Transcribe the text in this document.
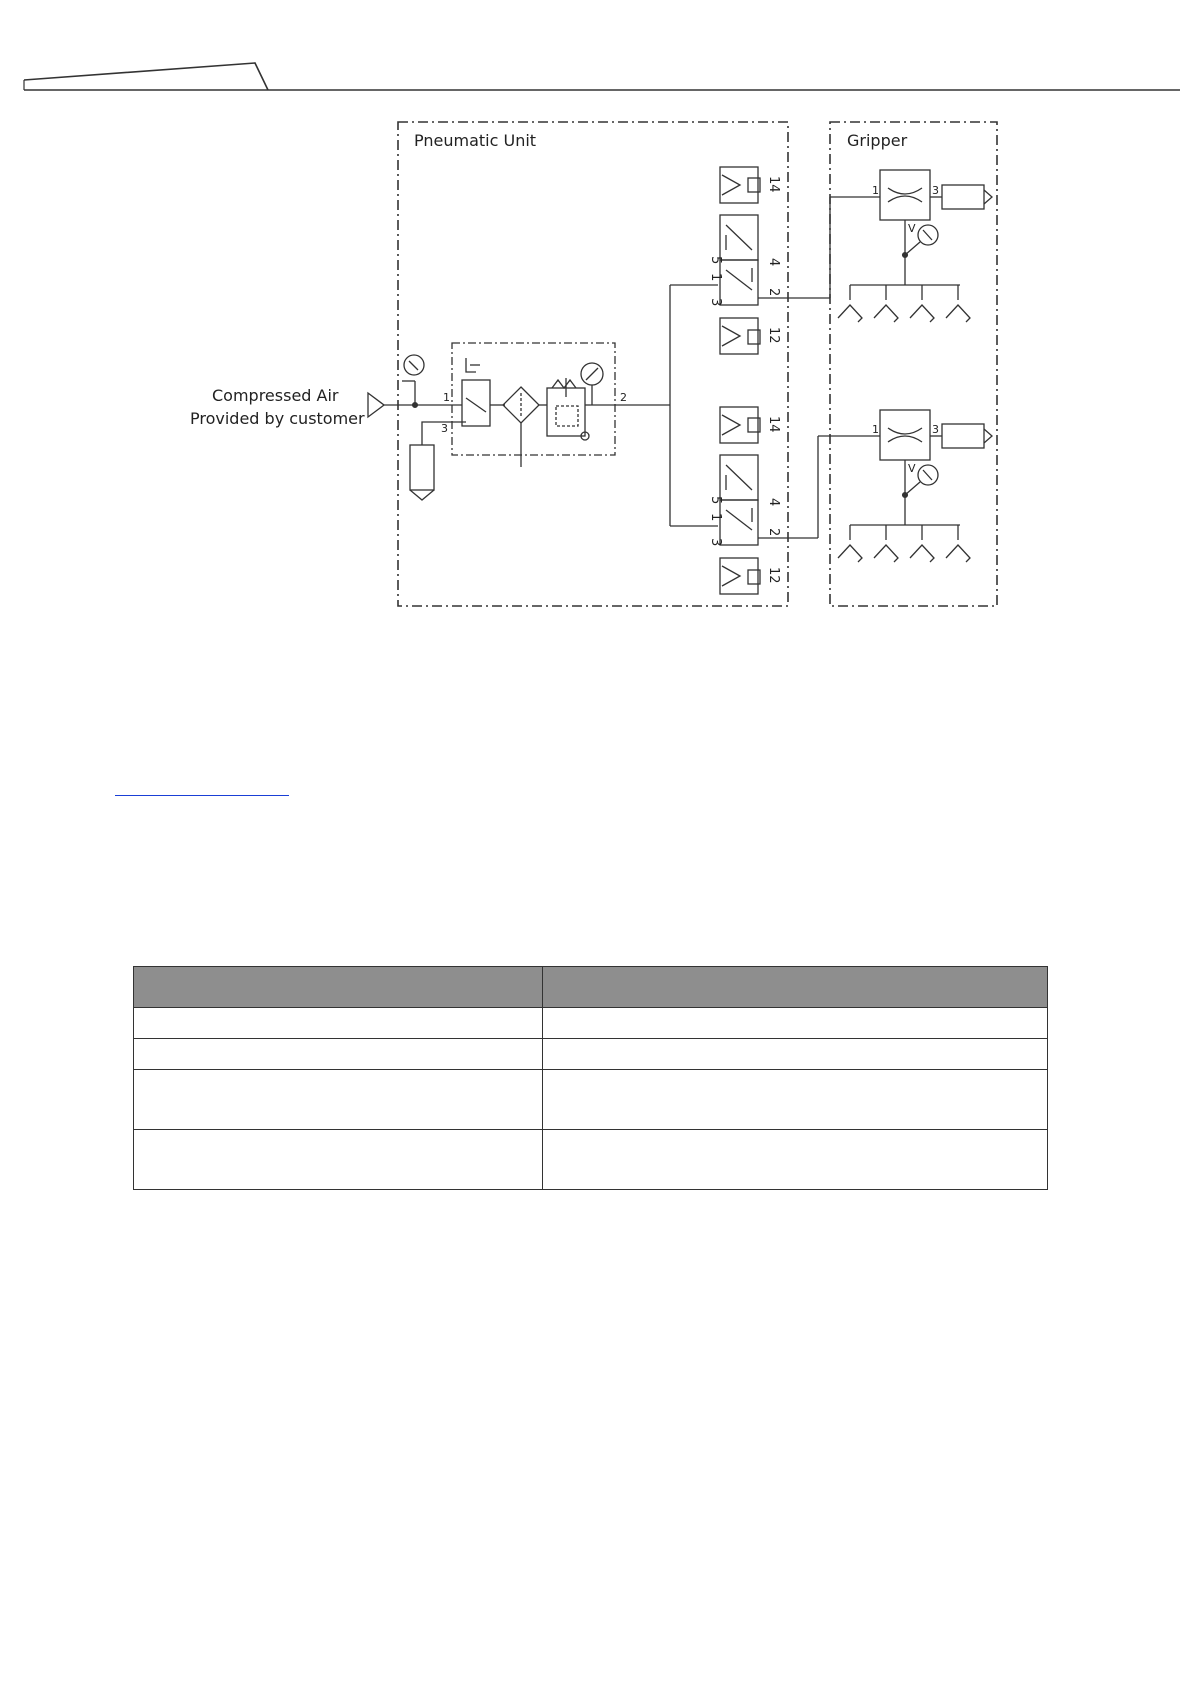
Compressed Air
Provided by customer
Pneumatic Unit	Gripper
1
3
2
14
4
2
12
5
1
3
14
4
2
12
5
1
3
1	3
V
1	3
V
